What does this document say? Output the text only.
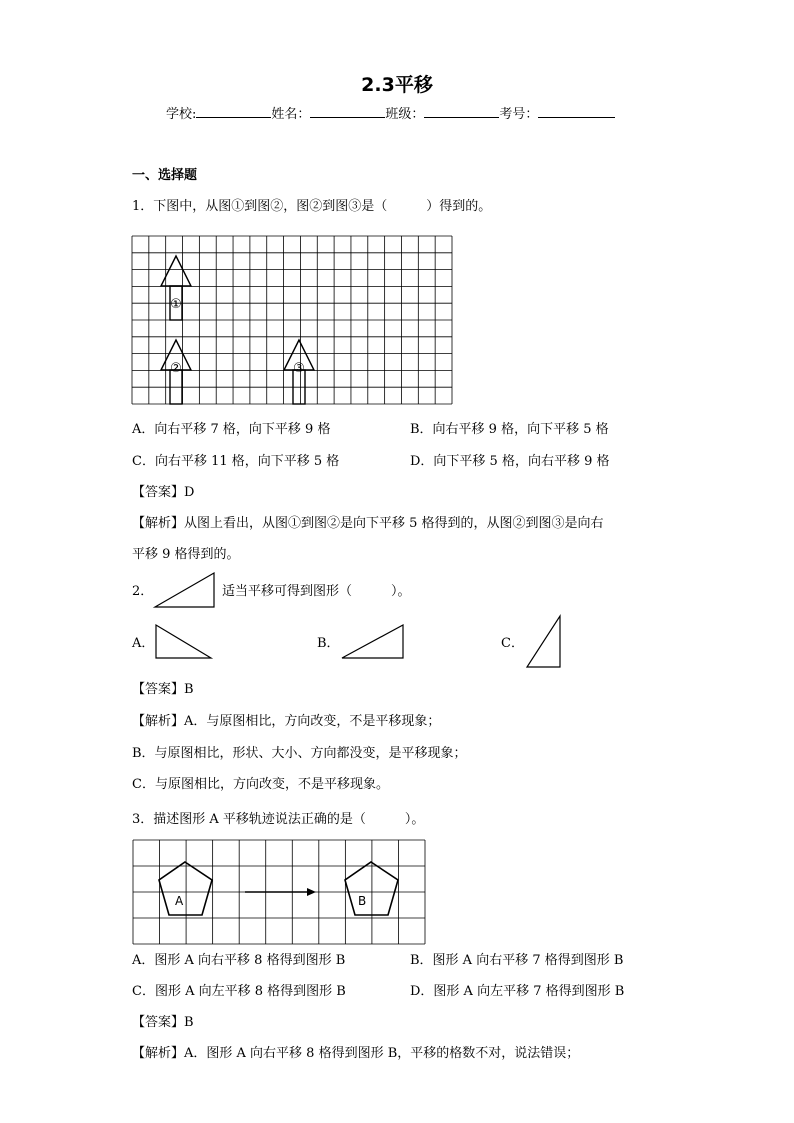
2.3平移
学校:	姓名：	班级：	考号：
一、选择题
1．下图中，从图①到图②，图②到图③是（　　　）得到的。
①
②	③
A．向右平移 7 格，向下平移 9 格	B．向右平移 9 格，向下平移 5 格
C．向右平移 11 格，向下平移 5 格	D．向下平移 5 格，向右平移 9 格
【答案】D
【解析】从图上看出，从图①到图②是向下平移 5 格得到的，从图②到图③是向右
平移 9 格得到的。
2．	适当平移可得到图形（　　　）。
A．	B．	C．
【答案】B
【解析】A．与原图相比，方向改变，不是平移现象；
B．与原图相比，形状、大小、方向都没变，是平移现象；
C．与原图相比，方向改变，不是平移现象。
3．描述图形 A 平移轨迹说法正确的是（　　　）。
A	B
A．图形 A 向右平移 8 格得到图形 B	B．图形 A 向右平移 7 格得到图形 B
C．图形 A 向左平移 8 格得到图形 B	D．图形 A 向左平移 7 格得到图形 B
【答案】B
【解析】A．图形 A 向右平移 8 格得到图形 B，平移的格数不对，说法错误；
